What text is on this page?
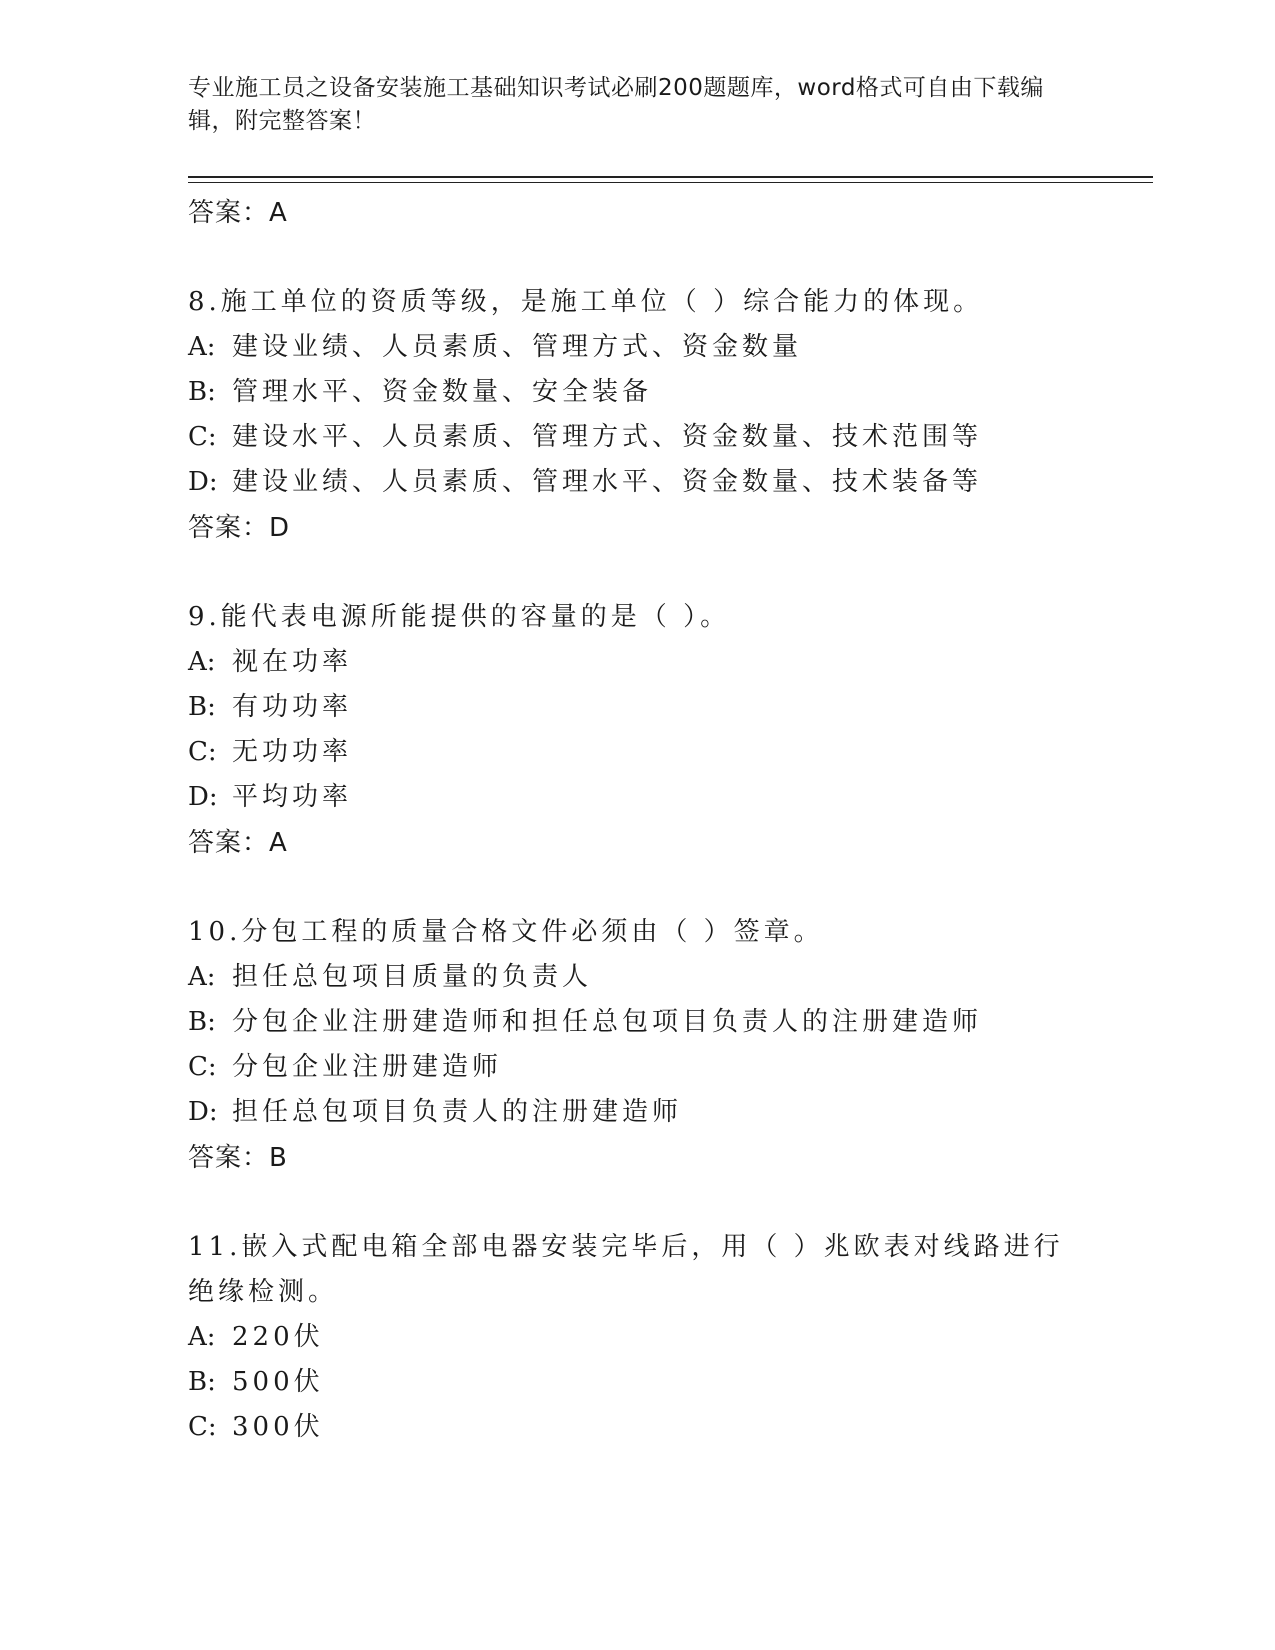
专业施工员之设备安装施工基础知识考试必刷200题题库，word格式可自由下载编辑，附完整答案！
答案：A
8.施工单位的资质等级，是施工单位（ ）综合能力的体现。
A: 建设业绩、人员素质、管理方式、资金数量
B: 管理水平、资金数量、安全装备
C: 建设水平、人员素质、管理方式、资金数量、技术范围等
D: 建设业绩、人员素质、管理水平、资金数量、技术装备等
答案：D
9.能代表电源所能提供的容量的是（ ）。
A: 视在功率
B: 有功功率
C: 无功功率
D: 平均功率
答案：A
10.分包工程的质量合格文件必须由（ ）签章。
A: 担任总包项目质量的负责人
B: 分包企业注册建造师和担任总包项目负责人的注册建造师
C: 分包企业注册建造师
D: 担任总包项目负责人的注册建造师
答案：B
11.嵌入式配电箱全部电器安装完毕后，用（ ）兆欧表对线路进行绝缘检测。
A: 220伏
B: 500伏
C: 300伏
